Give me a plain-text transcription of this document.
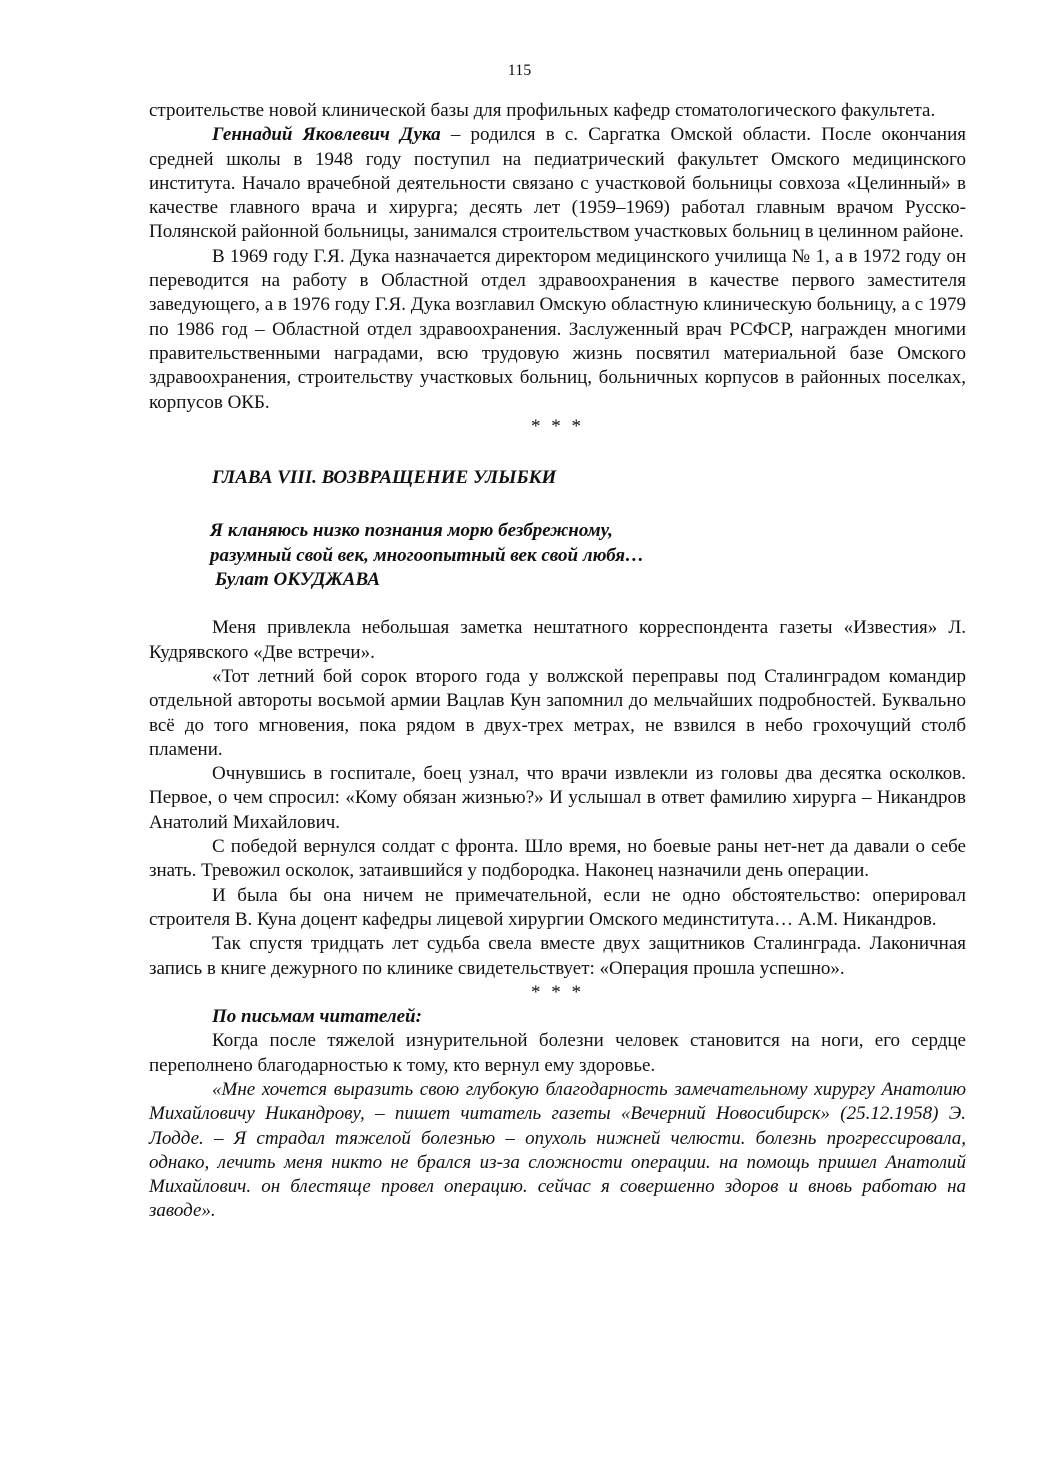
115

строительстве новой клинической базы для профильных кафедр стоматологического факультета.

Геннадий Яковлевич Дука – родился в с. Саргатка Омской области. После окончания средней школы в 1948 году поступил на педиатрический факультет Омского медицинского института. Начало врачебной деятельности связано с участковой больницы совхоза «Целинный» в качестве главного врача и хирурга; десять лет (1959–1969) работал главным врачом Русско-Полянской районной больницы, занимался строительством участковых больниц в целинном районе.

В 1969 году Г.Я. Дука назначается директором медицинского училища № 1, а в 1972 году он переводится на работу в Областной отдел здравоохранения в качестве первого заместителя заведующего, а в 1976 году Г.Я. Дука возглавил Омскую областную клиническую больницу, а с 1979 по 1986 год – Областной отдел здравоохранения. Заслуженный врач РСФСР, награжден многими правительственными наградами, всю трудовую жизнь посвятил материальной базе Омского здравоохранения, строительству участковых больниц, больничных корпусов в районных поселках, корпусов ОКБ.

* * *

ГЛАВА VIII. ВОЗВРАЩЕНИЕ УЛЫБКИ
Я кланяюсь низко познания морю безбрежному,
разумный свой век, многоопытный век свой любя…
Булат ОКУДЖАВА

Меня привлекла небольшая заметка нештатного корреспондента газеты «Известия» Л. Кудрявского «Две встречи».

«Тот летний бой сорок второго года у волжской переправы под Сталинградом командир отдельной автороты восьмой армии Вацлав Кун запомнил до мельчайших подробностей. Буквально всё до того мгновения, пока рядом в двух-трех метрах, не взвился в небо грохочущий столб пламени.

Очнувшись в госпитале, боец узнал, что врачи извлекли из головы два десятка осколков. Первое, о чем спросил: «Кому обязан жизнью?» И услышал в ответ фамилию хирурга – Никандров Анатолий Михайлович.

С победой вернулся солдат с фронта. Шло время, но боевые раны нет-нет да давали о себе знать. Тревожил осколок, затаившийся у подбородка. Наконец назначили день операции.

И была бы она ничем не примечательной, если не одно обстоятельство: оперировал строителя В. Куна доцент кафедры лицевой хирургии Омского мединститута… А.М. Никандров.

Так спустя тридцать лет судьба свела вместе двух защитников Сталинграда. Лаконичная запись в книге дежурного по клинике свидетельствует: «Операция прошла успешно».

* * *

По письмам читателей:

Когда после тяжелой изнурительной болезни человек становится на ноги, его сердце переполнено благодарностью к тому, кто вернул ему здоровье.

«Мне хочется выразить свою глубокую благодарность замечательному хирургу Анатолию Михайловичу Никандрову, – пишет читатель газеты «Вечерний Новосибирск» (25.12.1958) Э. Лодде. – Я страдал тяжелой болезнью – опухоль нижней челюсти. болезнь прогрессировала, однако, лечить меня никто не брался из-за сложности операции. на помощь пришел Анатолий Михайлович. он блестяще провел операцию. сейчас я совершенно здоров и вновь работаю на заводе».
